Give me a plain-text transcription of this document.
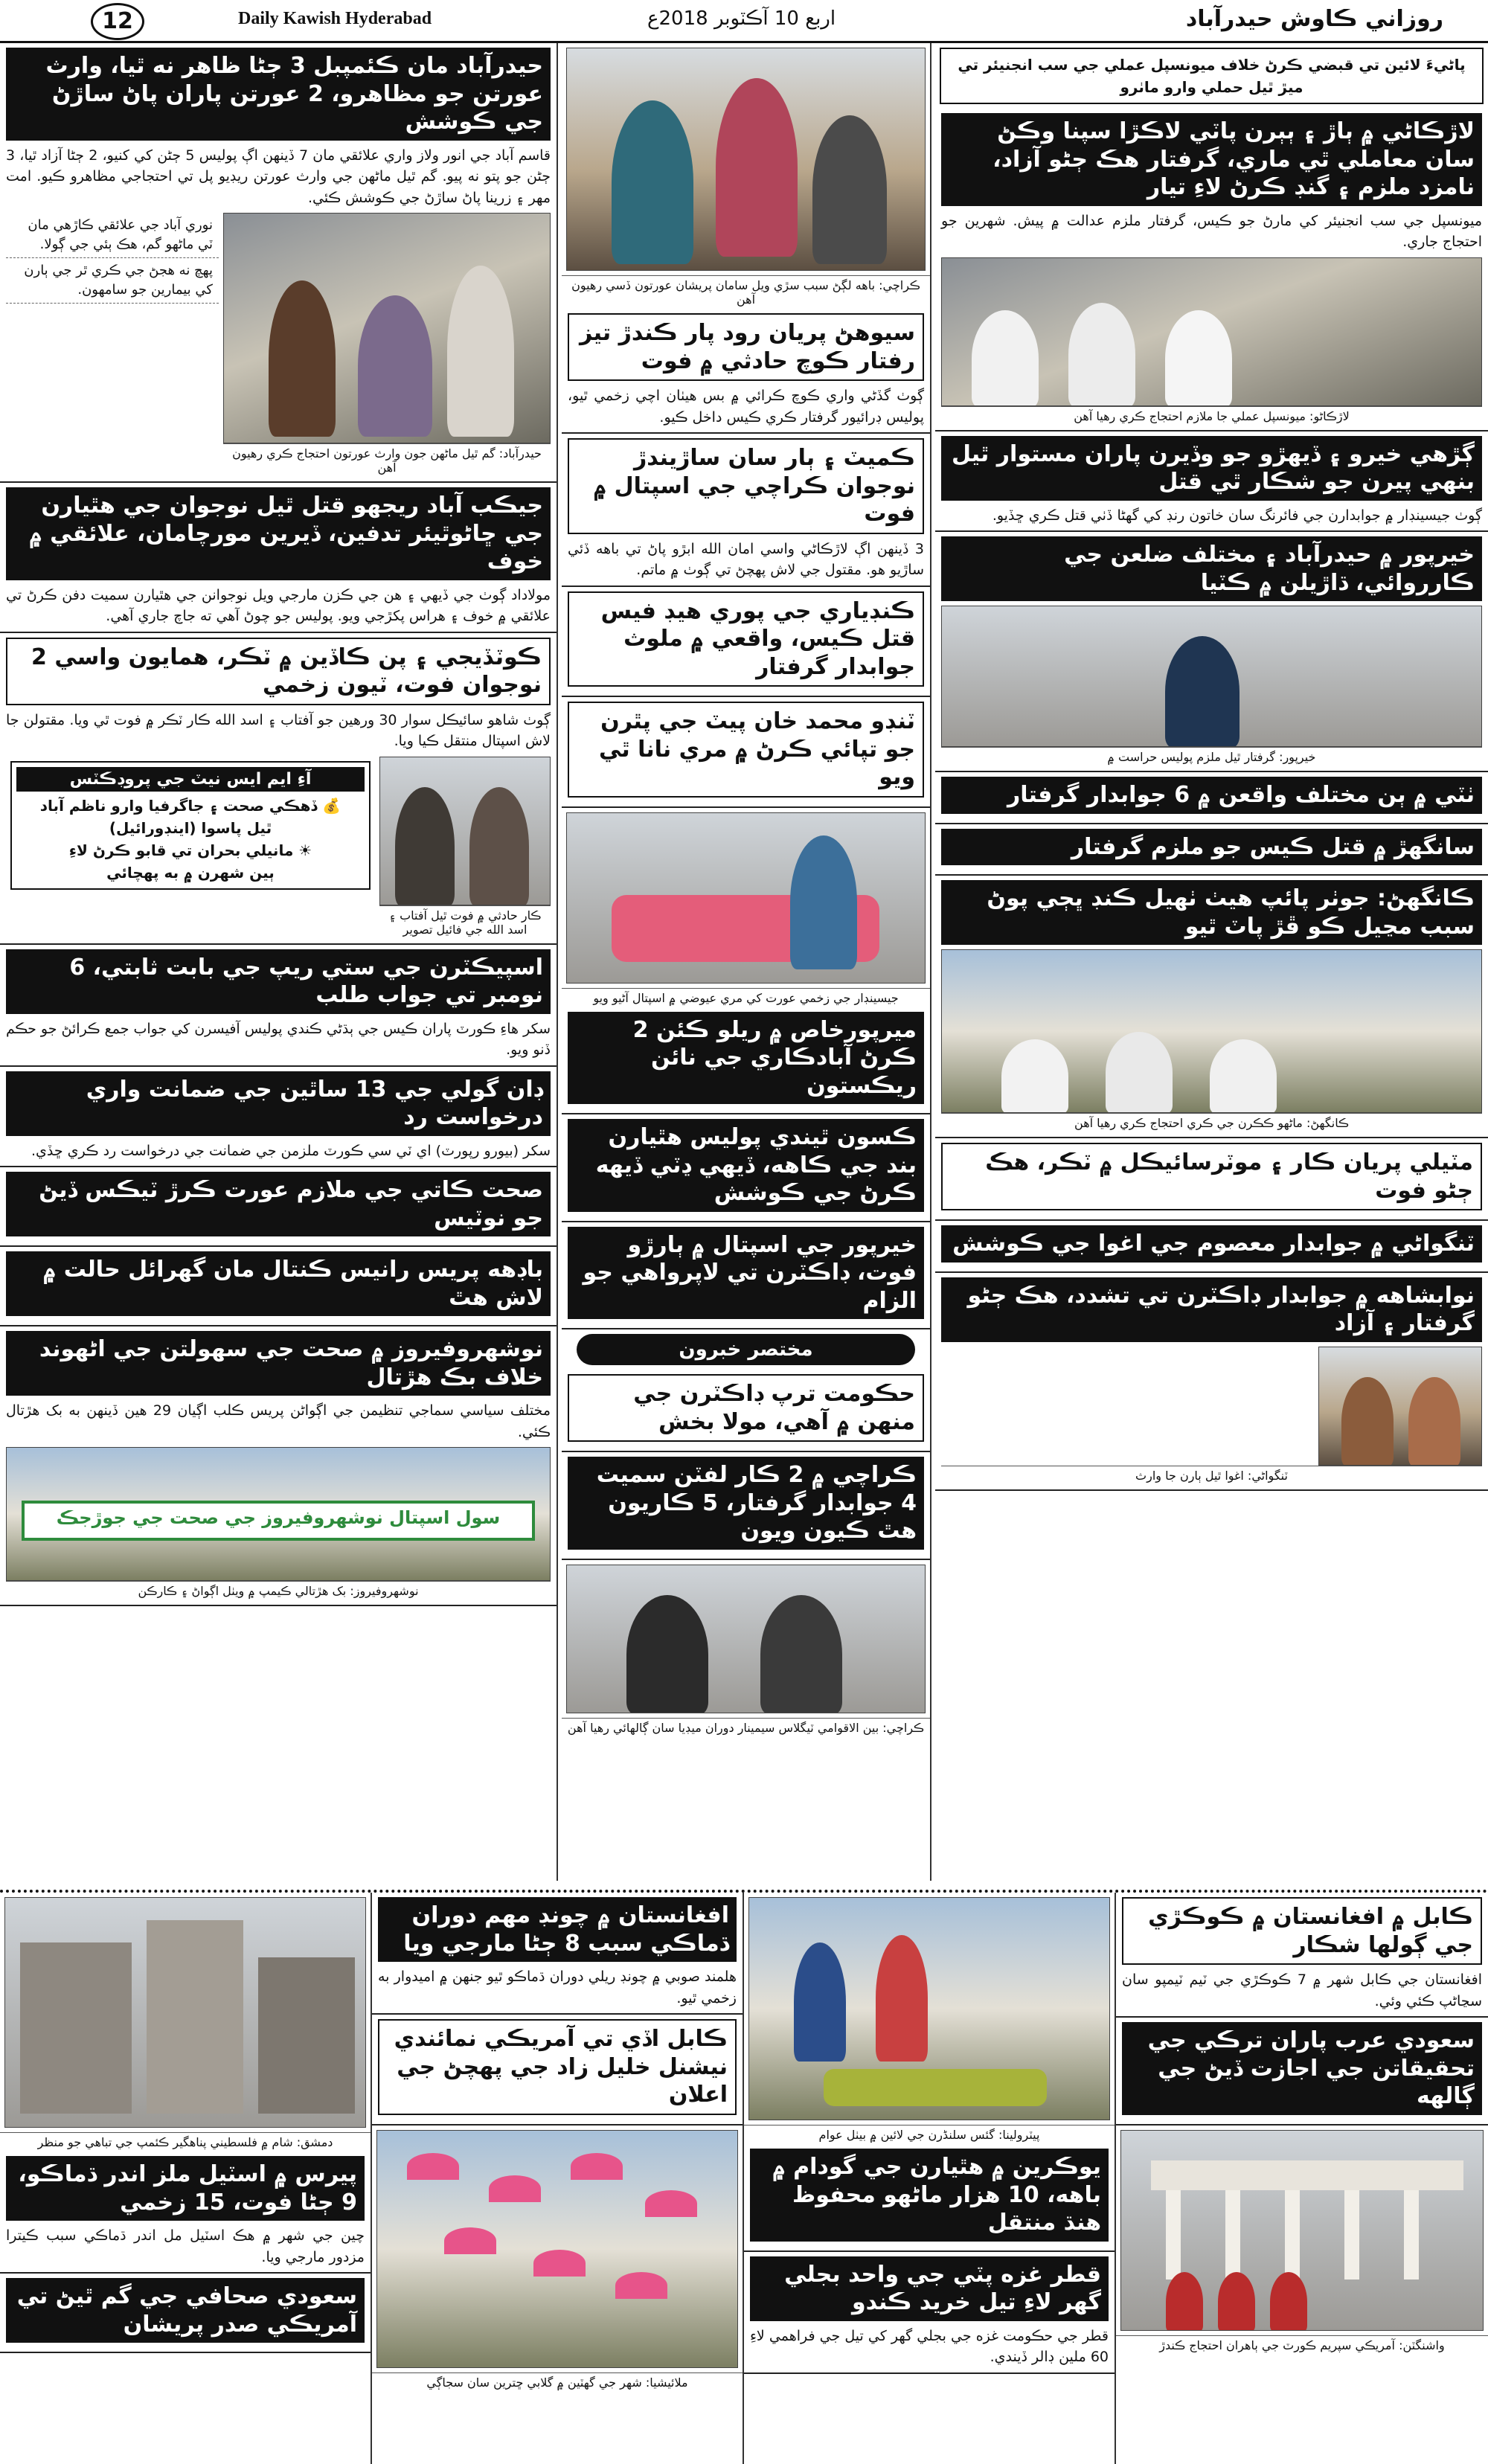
12	Daily Kawish Hyderabad	اربع 10 آڪٽوبر 2018ع	روزاني ڪاوش حيدرآباد
حيدرآباد مان ڪئمپبل 3 ڄڻا ظاهر نه ٿيا، وارث عورتن جو مظاهرو، 2 عورتن پاران پاڻ ساڙڻ جي ڪوشش
قاسم آباد جي انور ولاز واري علائقي مان 7 ڏينهن اڳ پوليس 5 ڄڻن کي کنيو، 2 ڄڻا آزاد ٿيا، 3 ڄڻن جو پتو نه پيو. گم ٿيل ماڻهن جي وارث عورتن ريڊيو پل تي احتجاجي مظاهرو ڪيو. امت مهر ۽ زرينا پاڻ ساڙڻ جي ڪوشش ڪئي.
حيدرآباد: گم ٿيل ماڻهن جون وارث عورتون احتجاج ڪري رهيون آهن
نوري آباد جي علائقي ڪاڙهي مان ٽي ماڻهو گم، هڪ ٻئي جي ڳولا.
پهچ نه هجڻ جي ڪري ٿر جي ٻارن کي بيمارين جو سامهون.
جيڪب آباد ريجهو قتل ٿيل نوجوان جي هٿيارن جي ڇاڻوٿيئر تدفين، ڏيرين مورچامان، علائقي ۾ خوف
مولاداد ڳوٺ جي ڏيهي ۽ هن جي ڪزن مارجي ويل نوجوانن جي هٿيارن سميت دفن ڪرڻ تي علائقي ۾ خوف ۽ هراس پکڙجي ويو. پوليس جو چوڻ آهي ته جاچ جاري آهي.
ڪوٽڏيجي ۽ پن ڪاڏين ۾ ٽڪر، همايون واسي 2 نوجوان فوت، ٽيون زخمي
ڳوٺ شاهو سائيڪل سوار 30 ورهين جو آفتاب ۽ اسد الله ڪار ٽڪر ۾ فوت ٿي ويا. مقتولن جا لاش اسپتال منتقل ڪيا ويا.
ڪار حادثي ۾ فوت ٿيل آفتاب ۽ اسد الله جي فائيل تصوير
آءِ ايم ايس نيٽ جي پروڊڪٽس
💰 ڏهڪي صحت ۽ جاگرفيا وارو ناظم آباد
ٿيل پاسوا (اينڊورائيل)
☀ مانيلي بحران تي قابو ڪرڻ لاءِ
ٻين شهرن ۾ به پهچائي
اسپيڪٽرن جي ستي ريپ جي بابت ثابتي، 6 نومبر تي جواب طلب
سکر هاءِ ڪورٽ پاران ڪيس جي ٻڌڻي ڪندي پوليس آفيسرن کي جواب جمع ڪرائڻ جو حڪم ڏنو ويو.
ڊان گولي جي 13 ساٿين جي ضمانت واري درخواست رد
سکر (بيورو رپورٽ) اي ٽي سي ڪورٽ ملزمن جي ضمانت جي درخواست رد ڪري ڇڏي.
صحت ڪاتي جي ملازم عورت ڪرڙ ٽيڪس ڏيڻ جو نوٽيس
باڊهه پريس رانيس ڪنتال مان گهرائل حالت ۾ لاش هٿ
نوشهروفيروز ۾ صحت جي سهولتن جي اڻهوند خلاف بڪ هڙتال
مختلف سياسي سماجي تنظيمن جي اڳواڻن پريس ڪلب اڳيان 29 هين ڏينهن به بک هڙتال ڪئي.
سول اسپتال نوشهروفيروز جي صحت جي جوڙجڪ
نوشهروفيروز: بک هڙتالي ڪيمپ ۾ ويٺل اڳواڻ ۽ ڪارڪن
ڪراچي: باهه لڳڻ سبب سڙي ويل سامان پريشان عورتون ڏسي رهيون آهن
سيوهڻ پريان رود پار ڪندڙ تيز رفتار ڪوچ حادثي ۾ فوت
ڳوٺ گڏڻي واري ڪوچ ڪرائي ۾ بس هيٺان اچي زخمي ٿيو، پوليس ڊرائيور گرفتار ڪري ڪيس داخل ڪيو.
ڪميٽ ۽ ٻار سان ساڙيندڙ نوجوان ڪراچي جي اسپتال ۾ فوت
3 ڏينهن اڳ لاڙڪاڻي واسي امان الله ابڙو پاڻ تي باهه ڏئي ساڙيو هو. مقتول جي لاش پهچڻ تي ڳوٺ ۾ ماتم.
ڪنڊياري جي پوري هيڊ فيس قتل ڪيس، واقعي ۾ ملوث جوابدار گرفتار
ٽنڊو محمد خان پيٽ جي پٿرن جو تپائي ڪرڻ ۾ مري نانا ٿي ويو
جيسينڊار جي زخمي عورت کي مري عيوضي ۾ اسپتال آڻيو ويو
ميرپورخاص ۾ ريلو ڪئن 2 ڪرڻ آبادڪاري جي نائن ريڪستون
ڪسون ٿيندي پوليس هٿيارن بند جي ڪاهه، ڏيهي ڍٽي ڏيهه ڪرڻ جي ڪوشش
خيرپور جي اسپتال ۾ ٻارڙو فوت، ڊاڪٽرن تي لاپرواهي جو الزام
مختصر خبرون
حڪومت ترپ ڊاڪٽرن جي منهن ۾ آهي، مولا بخش
ڪراچي ۾ 2 ڪار لفٽن سميت 4 جوابدار گرفتار، 5 ڪاريون هٿ ڪيون ويون
ڪراچي: بين الاقوامي ٽيگلاس سيمينار دوران ميڊيا سان ڳالهائي رهيا آهن
پاڻيءَ لائين تي قبضي ڪرڻ خلاف ميونسپل عملي جي سب انجنيئر تي ميڙ ٿيل حملي وارو ماٺرو
لاڙڪاڻي ۾ ٻاڙ ۽ ٻٻرن پاٽي لاڪڙا سپنا وڪڻ سان معاملي ٿي ماري، گرفتار هڪ ڄڻو آزاد، نامزد ملزم ۽ گنڊ ڪرڻ لاءِ تيار
ميونسپل جي سب انجنيئر کي مارڻ جو ڪيس، گرفتار ملزم عدالت ۾ پيش. شهرين جو احتجاج جاري.
لاڙڪاڻو: ميونسپل عملي جا ملازم احتجاج ڪري رهيا آهن
ڳڙهي خيرو ۽ ڏيهڙو جو وڏيرن پاران مستوار ٿيل بنهي پيرن جو شڪار ٿي قتل
ڳوٺ جيسينڊار ۾ جوابدارن جي فائرنگ سان خاتون رنڊ کي گهڻا ڏٺي قتل ڪري ڇڏيو.
خيرپور ۾ حيدرآباد ۽ مختلف ضلعن جي ڪارروائي، ڌاڙيلن ۾ ڪٽيا
خيرپور: گرفتار ٿيل ملزم پوليس حراست ۾
ٺٽي ۾ ٻن مختلف واقعن ۾ 6 جوابدار گرفتار
سانگهڙ ۾ قتل ڪيس جو ملزم گرفتار
ڪانگهڻ: جوٺر پائپ هيٺ ٺهيل ڪنڊ ڀڄي پوڻ سبب مڃيل ڪو ڦڙ پاٽ ٿيو
ڪانگهڻ: ماڻهو ڪڪرن جي ڪري احتجاج ڪري رهيا آهن
مٽيلي پريان ڪار ۽ موٽرسائيڪل ۾ ٽڪر، هڪ ڄڻو فوت
ٽنگواڻي ۾ جوابدار معصوم جي اغوا جي ڪوشش
نوابشاهه ۾ جوابدار ڊاڪٽرن تي تشدد، هڪ ڄڻو گرفتار ۽ آزاد
ٽنگواڻي: اغوا ٿيل ٻارن جا وارث
دمشق: شام ۾ فلسطيني پناهگير ڪئمپ جي تباهي جو منظر
پيرس ۾ اسٽيل ملز اندر ڌماڪو، 9 ڄڻا فوت، 15 زخمي
چين جي شهر ۾ هڪ اسٽيل مل اندر ڌماڪي سبب ڪيترا مزدور مارجي ويا.
سعودي صحافي جي گم ٿيڻ تي آمريڪي صدر پريشان
افغانستان ۾ چونڊ مهم دوران ڌماڪي سبب 8 ڄڻا مارجي ويا
هلمند صوبي ۾ چونڊ ريلي دوران ڌماڪو ٿيو جنهن ۾ اميدوار به زخمي ٿيو.
ڪابل اڏي تي آمريڪي نمائندي نيشنل خليل زاد جي پهچڻ جي اعلان
ملائيشيا: شهر جي گهٽين ۾ گلابي ڇترين سان سجاڳي
پيٽرولينا: گئس سلنڈرن جي لائين ۾ بيٺل عوام
يوڪرين ۾ هٿيارن جي گودام ۾ باهه، 10 هزار ماڻهو محفوظ هنڌ منتقل
قطر غزه پٽي جي واحد بجلي گهر لاءِ تيل خريد ڪندو
قطر جي حڪومت غزه جي بجلي گهر کي تيل جي فراهمي لاءِ 60 ملين ڊالر ڏيندي.
ڪابل ۾ افغانستان ۾ ڪوڪڙي جي ڳولها شڪار
افغانستان جي ڪابل شهر ۾ 7 ڪوڪڙي جي ٽيم ٽيمپو سان سڃاڻپ ڪئي وئي.
سعودي عرب پاران ترڪي جي تحقيقاتن جي اجازت ڏيڻ جي ڳالهه
واشنگٽن: آمريڪي سپريم ڪورٽ جي ٻاهران احتجاج ڪندڙ
